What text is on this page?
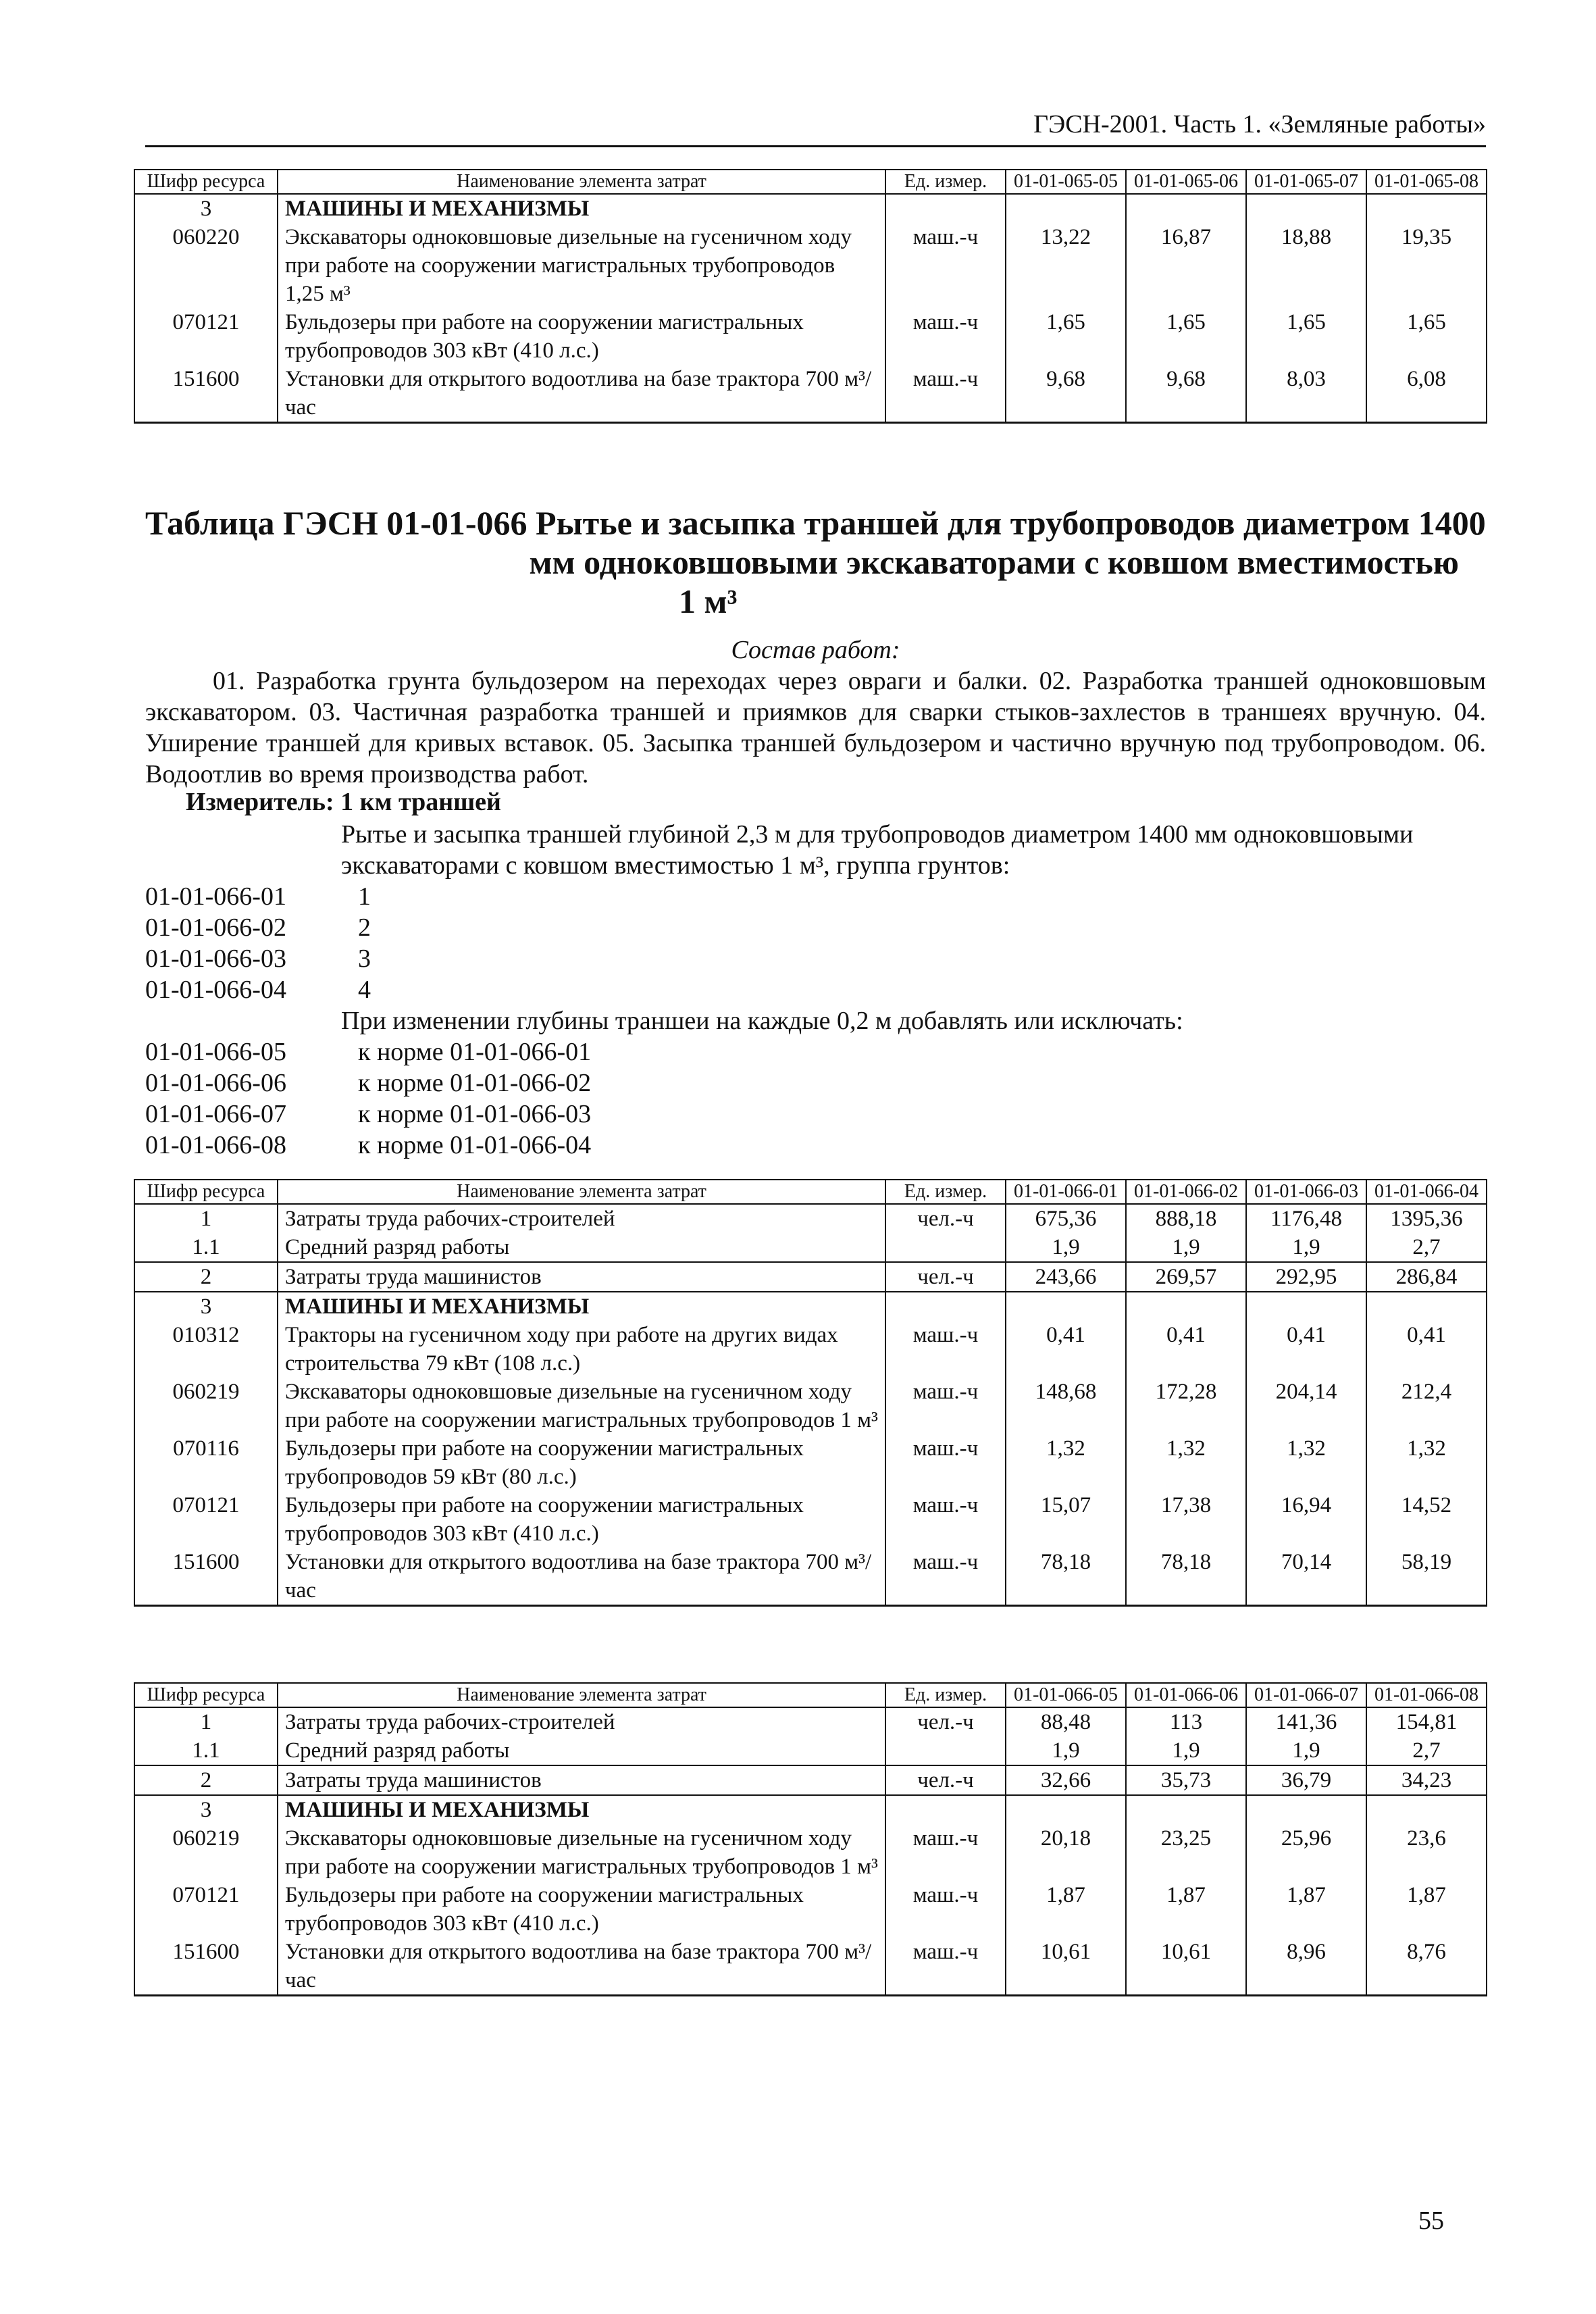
ГЭСН-2001. Часть 1. «Земляные работы»
Шифр ресурса	Наименование элемента затрат	Ед. измер.	01-01-065-05	01-01-065-06	01-01-065-07	01-01-065-08
3	МАШИНЫ И МЕХАНИЗМЫ					
060220	Экскаваторы одноковшовые дизельные на гусеничном ходу при работе на сооружении магистральных трубопроводов 1,25 м³	маш.-ч	13,22	16,87	18,88	19,35
070121	Бульдозеры при работе на сооружении магистральных трубопроводов 303 кВт (410 л.с.)	маш.-ч	1,65	1,65	1,65	1,65
151600	Установки для открытого водоотлива на базе трактора 700 м³/час	маш.-ч	9,68	9,68	8,03	6,08
Таблица ГЭСН 01-01-066 Рытье и засыпка траншей для трубопроводов диаметром 1400
мм одноковшовыми экскаваторами с ковшом вместимостью
1 м³
Состав работ:
01. Разработка грунта бульдозером на переходах через овраги и балки. 02. Разработка траншей одноковшовым экскаватором. 03. Частичная разработка траншей и приямков для сварки стыков-захлестов в траншеях вручную. 04. Уширение траншей для кривых вставок. 05. Засыпка траншей бульдозером и частично вручную под трубопроводом. 06. Водоотлив во время производства работ.
Измеритель: 1 км траншей
Рытье и засыпка траншей глубиной 2,3 м для трубопроводов диаметром 1400 мм одноковшовыми экскаваторами с ковшом вместимостью 1 м³, группа грунтов:
01-01-066-01	1
01-01-066-02	2
01-01-066-03	3
01-01-066-04	4
При изменении глубины траншеи на каждые 0,2 м добавлять или исключать:
01-01-066-05	к норме 01-01-066-01
01-01-066-06	к норме 01-01-066-02
01-01-066-07	к норме 01-01-066-03
01-01-066-08	к норме 01-01-066-04
Шифр ресурса	Наименование элемента затрат	Ед. измер.	01-01-066-01	01-01-066-02	01-01-066-03	01-01-066-04
1	Затраты труда рабочих-строителей	чел.-ч	675,36	888,18	1176,48	1395,36
1.1	Средний разряд работы		1,9	1,9	1,9	2,7
2	Затраты труда машинистов	чел.-ч	243,66	269,57	292,95	286,84
3	МАШИНЫ И МЕХАНИЗМЫ					
010312	Тракторы на гусеничном ходу при работе на других видах строительства 79 кВт (108 л.с.)	маш.-ч	0,41	0,41	0,41	0,41
060219	Экскаваторы одноковшовые дизельные на гусеничном ходу при работе на сооружении магистральных трубопроводов 1 м³	маш.-ч	148,68	172,28	204,14	212,4
070116	Бульдозеры при работе на сооружении магистральных трубопроводов 59 кВт (80 л.с.)	маш.-ч	1,32	1,32	1,32	1,32
070121	Бульдозеры при работе на сооружении магистральных трубопроводов 303 кВт (410 л.с.)	маш.-ч	15,07	17,38	16,94	14,52
151600	Установки для открытого водоотлива на базе трактора 700 м³/час	маш.-ч	78,18	78,18	70,14	58,19
Шифр ресурса	Наименование элемента затрат	Ед. измер.	01-01-066-05	01-01-066-06	01-01-066-07	01-01-066-08
1	Затраты труда рабочих-строителей	чел.-ч	88,48	113	141,36	154,81
1.1	Средний разряд работы		1,9	1,9	1,9	2,7
2	Затраты труда машинистов	чел.-ч	32,66	35,73	36,79	34,23
3	МАШИНЫ И МЕХАНИЗМЫ					
060219	Экскаваторы одноковшовые дизельные на гусеничном ходу при работе на сооружении магистральных трубопроводов 1 м³	маш.-ч	20,18	23,25	25,96	23,6
070121	Бульдозеры при работе на сооружении магистральных трубопроводов 303 кВт (410 л.с.)	маш.-ч	1,87	1,87	1,87	1,87
151600	Установки для открытого водоотлива на базе трактора 700 м³/час	маш.-ч	10,61	10,61	8,96	8,76
55
